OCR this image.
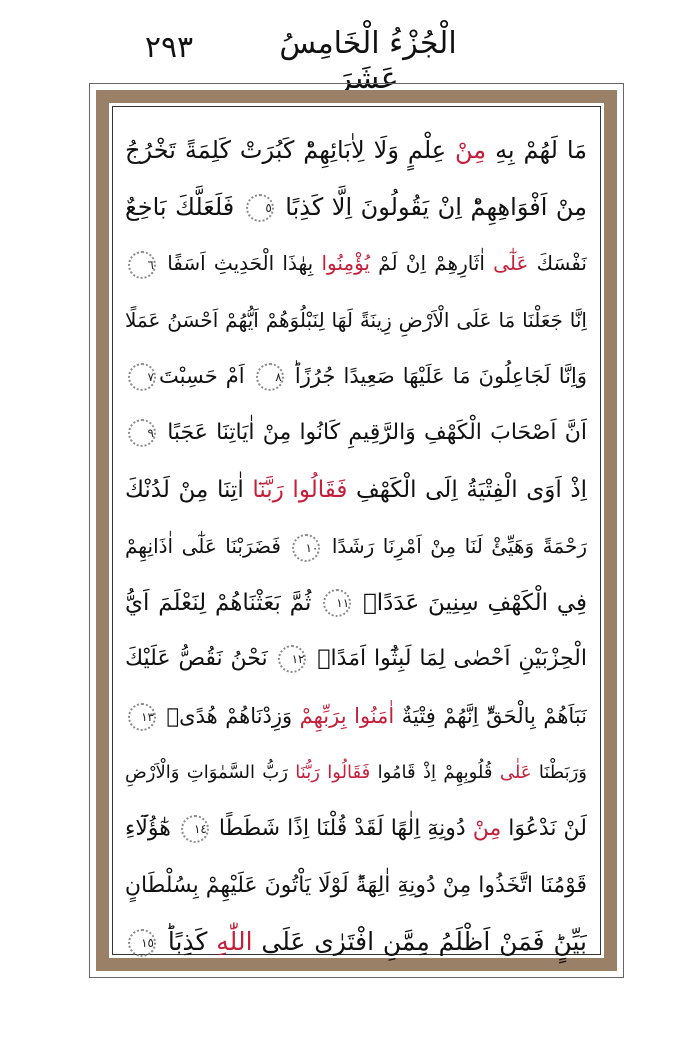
٢٩٣	الْجُزْءُ الْخَامِسُ عَشَرَ
مَا لَهُمْ بِهِ مِنْ عِلْمٍ وَلَا لِاٰبَائِهِمْؕ كَبُرَتْ كَلِمَةً تَخْرُجُ
مِنْ اَفْوَاهِهِمْؕ اِنْ يَقُولُونَ اِلَّا كَذِبًا ٥ فَلَعَلَّكَ بَاخِعٌ
نَفْسَكَ عَلٰٓى اٰثَارِهِمْ اِنْ لَمْ يُؤْمِنُوا بِهٰذَا الْحَدِيثِ اَسَفًا ٦
اِنَّا جَعَلْنَا مَا عَلَى الْاَرْضِ زِينَةً لَهَا لِنَبْلُوَهُمْ اَيُّهُمْ اَحْسَنُ عَمَلًا
وَاِنَّا لَجَاعِلُونَ مَا عَلَيْهَا صَعِيدًا جُرُزًاؕ ٨ اَمْ حَسِبْتَ٧
اَنَّ اَصْحَابَ الْكَهْفِ وَالرَّقِيمِ كَانُوا مِنْ اٰيَاتِنَا عَجَبًا ٩
اِذْ اَوَى الْفِتْيَةُ اِلَى الْكَهْفِ فَقَالُوا رَبَّنَٓا اٰتِنَا مِنْ لَدُنْكَ
رَحْمَةً وَهَيِّئْ لَنَا مِنْ اَمْرِنَا رَشَدًا ١٠ فَضَرَبْنَا عَلٰٓى اٰذَانِهِمْ
فِي الْكَهْفِ سِنِينَ عَدَدًاۙ ١١ ثُمَّ بَعَثْنَاهُمْ لِنَعْلَمَ اَيُّ
الْحِزْبَيْنِ اَحْصٰى لِمَا لَبِثُٓوا اَمَدًاۚ ١٢ نَحْنُ نَقُصُّ عَلَيْكَ
نَبَاَهُمْ بِالْحَقِّؕ اِنَّهُمْ فِتْيَةٌ اٰمَنُوا بِرَبِّهِمْ وَزِدْنَاهُمْ هُدًىۗ ١٣
وَرَبَطْنَا عَلٰى قُلُوبِهِمْ اِذْ قَامُوا فَقَالُوا رَبُّنَا رَبُّ السَّمٰوَاتِ وَالْاَرْضِ
لَنْ نَدْعُوَا مِنْ دُونِهِٓ اِلٰهًا لَقَدْ قُلْنَا اِذًا شَطَطًا ١٤ هٰٓؤُلَٓاءِ
قَوْمُنَا اتَّخَذُوا مِنْ دُونِهِٓ اٰلِهَةًؕ لَوْلَا يَاْتُونَ عَلَيْهِمْ بِسُلْطَانٍ
بَيِّنٍؕ فَمَنْ اَظْلَمُ مِمَّنِ افْتَرٰى عَلَى اللّٰهِ كَذِبًاؕ ١٥
